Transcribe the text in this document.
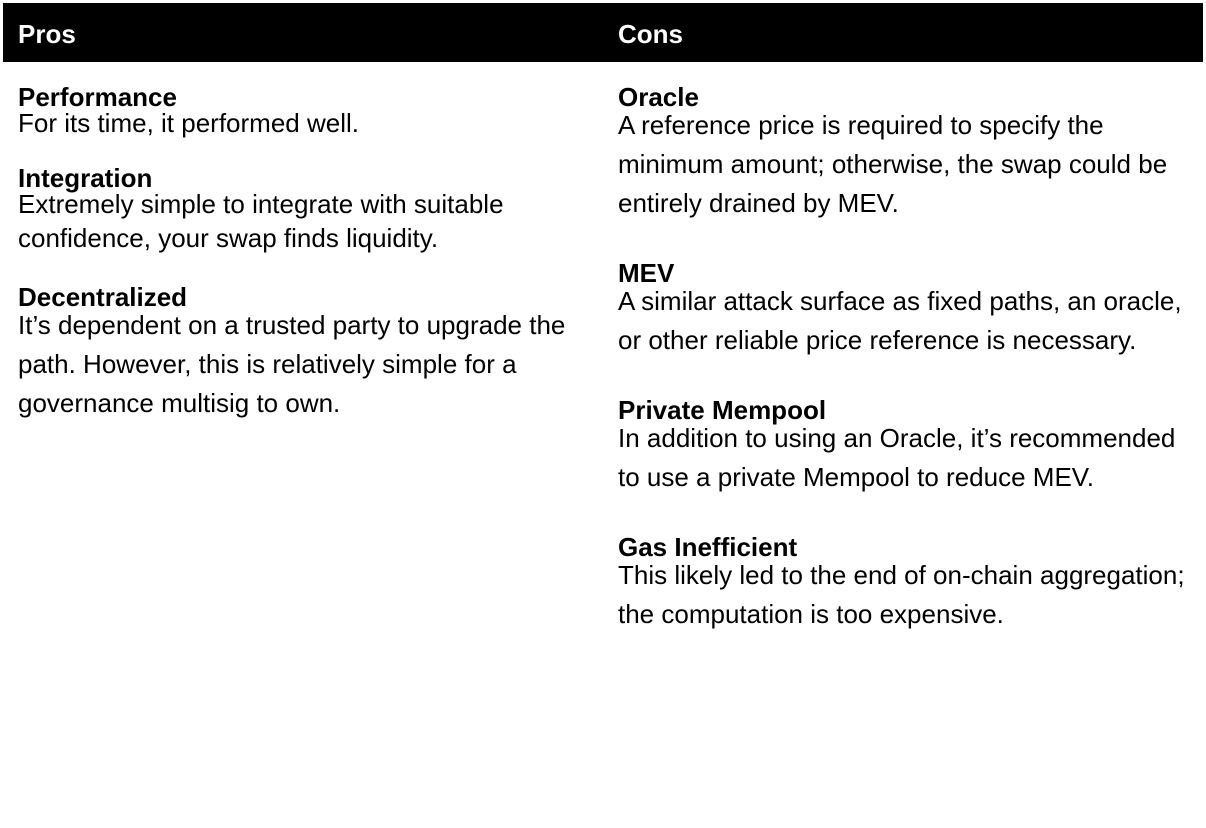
Pros	Cons
Performance
For its time, it performed well.
Integration
Extremely simple to integrate with suitable confidence, your swap finds liquidity.
Decentralized
It’s dependent on a trusted party to upgrade the path. However, this is relatively simple for a governance multisig to own.
Oracle
A reference price is required to specify the minimum amount; otherwise, the swap could be entirely drained by MEV.
MEV
A similar attack surface as fixed paths, an oracle, or other reliable price reference is necessary.
Private Mempool
In addition to using an Oracle, it’s recommended to use a private Mempool to reduce MEV.
Gas Inefficient
This likely led to the end of on-chain aggregation; the computation is too expensive.
